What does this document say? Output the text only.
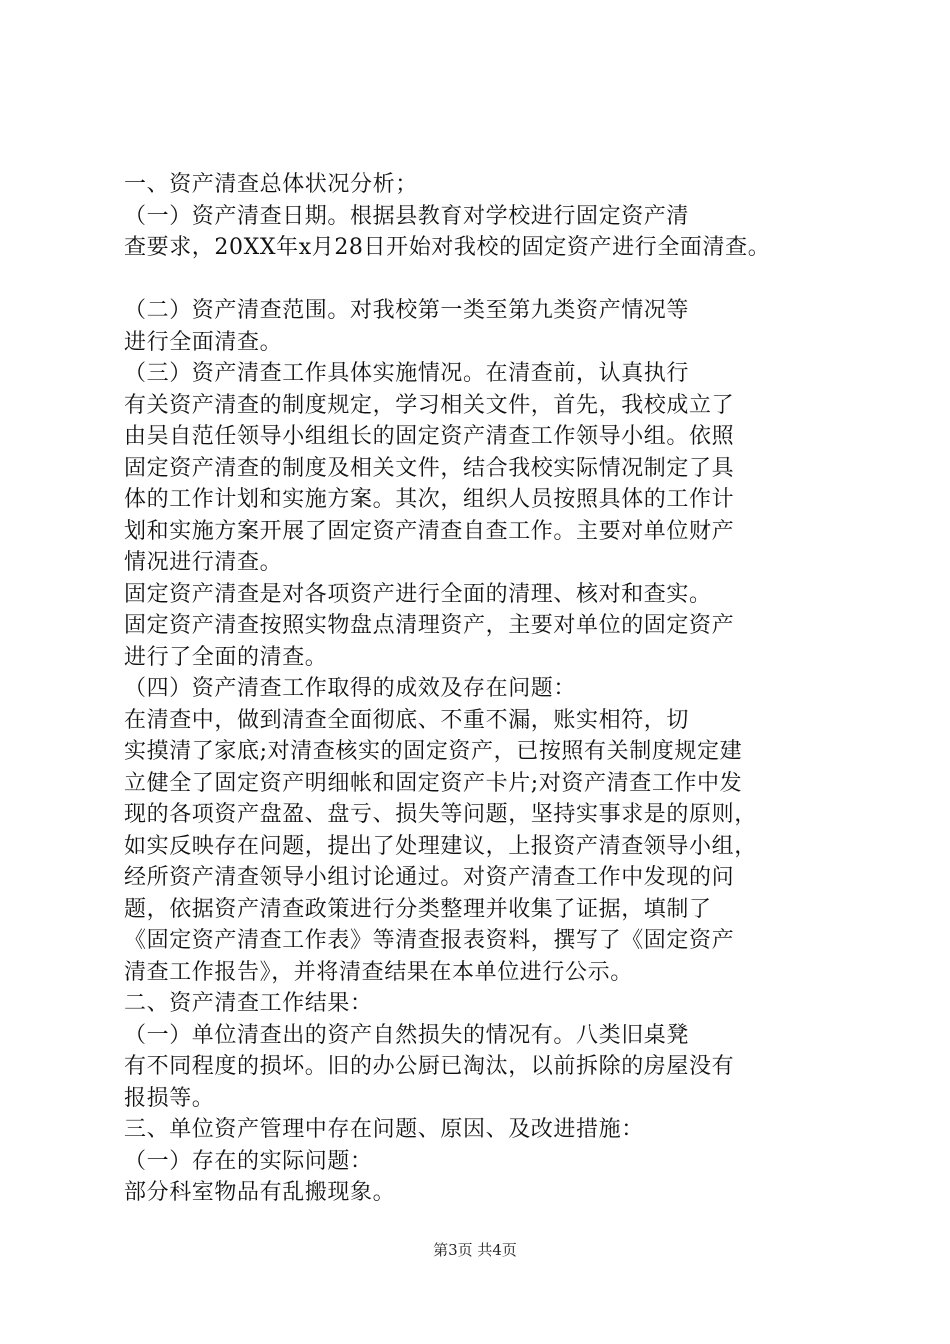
一、资产清查总体状况分析；
（一）资产清查日期。根据县教育对学校进行固定资产清
查要求，20XX年x月28日开始对我校的固定资产进行全面清查。
（二）资产清查范围。对我校第一类至第九类资产情况等
进行全面清查。
（三）资产清查工作具体实施情况。在清查前，认真执行
有关资产清查的制度规定，学习相关文件，首先，我校成立了
由吴自范任领导小组组长的固定资产清查工作领导小组。依照
固定资产清查的制度及相关文件，结合我校实际情况制定了具
体的工作计划和实施方案。其次，组织人员按照具体的工作计
划和实施方案开展了固定资产清查自查工作。主要对单位财产
情况进行清查。
固定资产清查是对各项资产进行全面的清理、核对和查实。
固定资产清查按照实物盘点清理资产，主要对单位的固定资产
进行了全面的清查。
（四）资产清查工作取得的成效及存在问题：
在清查中，做到清查全面彻底、不重不漏，账实相符，切
实摸清了家底;对清查核实的固定资产，已按照有关制度规定建
立健全了固定资产明细帐和固定资产卡片;对资产清查工作中发
现的各项资产盘盈、盘亏、损失等问题，坚持实事求是的原则，
如实反映存在问题，提出了处理建议，上报资产清查领导小组，
经所资产清查领导小组讨论通过。对资产清查工作中发现的问
题，依据资产清查政策进行分类整理并收集了证据，填制了
《固定资产清查工作表》等清查报表资料，撰写了《固定资产
清查工作报告》，并将清查结果在本单位进行公示。
二、资产清查工作结果：
（一）单位清查出的资产自然损失的情况有。八类旧桌凳
有不同程度的损坏。旧的办公厨已淘汰，以前拆除的房屋没有
报损等。
三、单位资产管理中存在问题、原因、及改进措施：
（一）存在的实际问题：
部分科室物品有乱搬现象。
第3页 共4页
